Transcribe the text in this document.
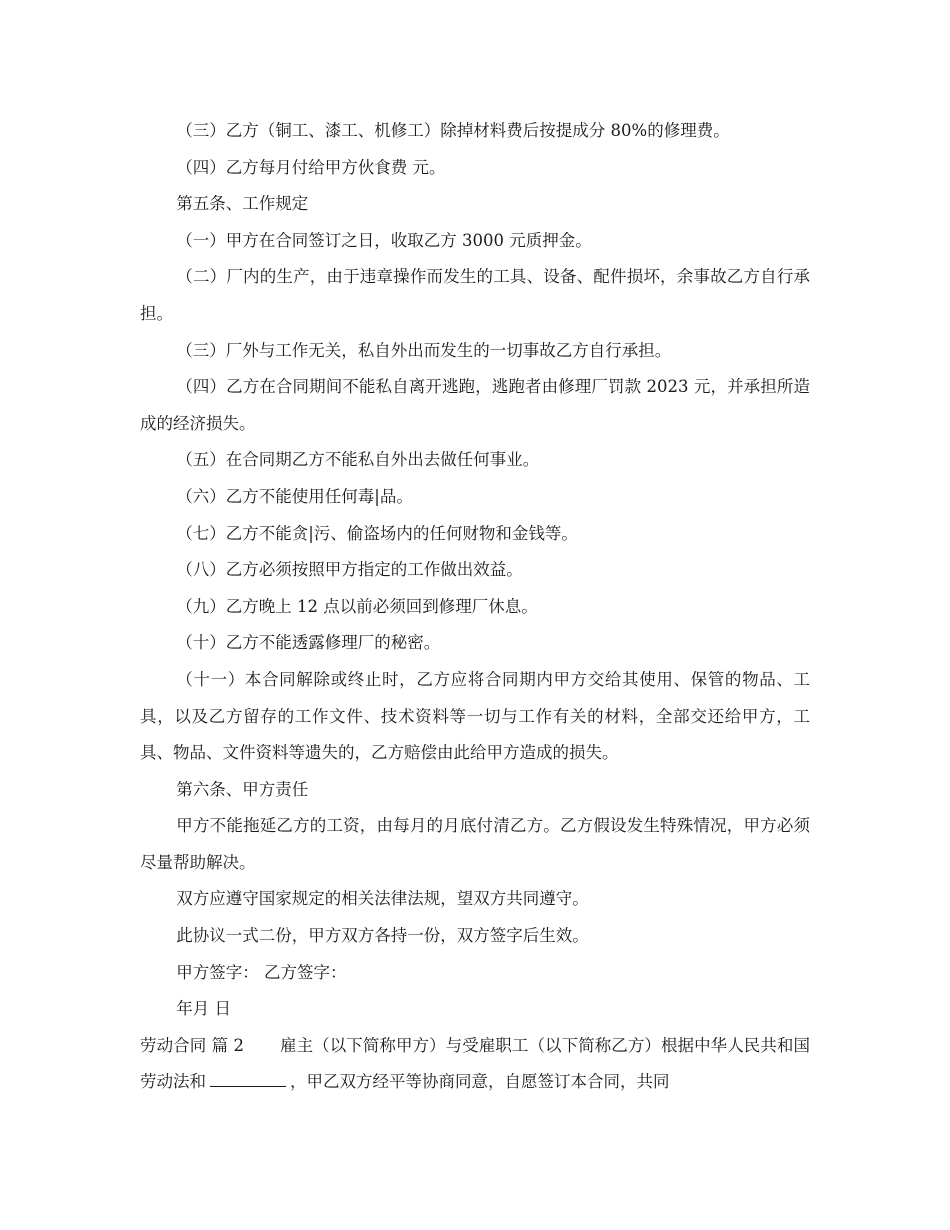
（三）乙方（铜工、漆工、机修工）除掉材料费后按提成分 80%的修理费。

（四）乙方每月付给甲方伙食费 元。

第五条、工作规定

（一）甲方在合同签订之日，收取乙方 3000 元质押金。

（二）厂内的生产，由于违章操作而发生的工具、设备、配件损坏，余事故乙方自行承担。

（三）厂外与工作无关，私自外出而发生的一切事故乙方自行承担。

（四）乙方在合同期间不能私自离开逃跑，逃跑者由修理厂罚款 2023 元，并承担所造成的经济损失。

（五）在合同期乙方不能私自外出去做任何事业。

（六）乙方不能使用任何毒|品。

（七）乙方不能贪|污、偷盗场内的任何财物和金钱等。

（八）乙方必须按照甲方指定的工作做出效益。

（九）乙方晚上 12 点以前必须回到修理厂休息。

（十）乙方不能透露修理厂的秘密。

（十一）本合同解除或终止时，乙方应将合同期内甲方交给其使用、保管的物品、工具，以及乙方留存的工作文件、技术资料等一切与工作有关的材料，全部交还给甲方，工具、物品、文件资料等遗失的，乙方赔偿由此给甲方造成的损失。

第六条、甲方责任

甲方不能拖延乙方的工资，由每月的月底付清乙方。乙方假设发生特殊情况，甲方必须尽量帮助解决。

双方应遵守国家规定的相关法律法规，望双方共同遵守。

此协议一式二份，甲方双方各持一份，双方签字后生效。

甲方签字： 乙方签字：

年月 日

劳动合同 篇 2 雇主（以下简称甲方）与受雇职工（以下简称乙方）根据中华人民共和国劳动法和	，甲乙双方经平等协商同意，自愿签订本合同，共同
